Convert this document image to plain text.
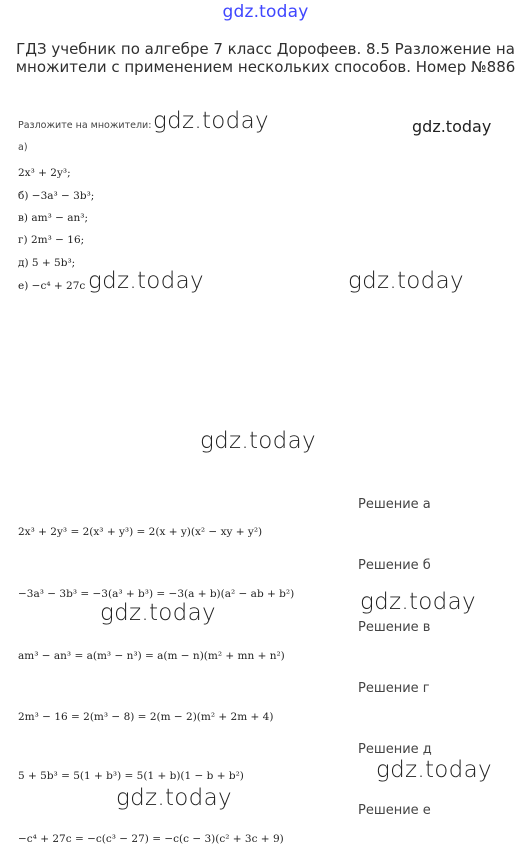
gdz.today
ГДЗ учебник по алгебре 7 класс Дорофеев. 8.5 Разложение на множители с применением нескольких способов. Номер №886
Разложите на множители:
а)
2x³ + 2y³;
б) −3a³ − 3b³;
в) am³ − an³;
г) 2m³ − 16;
д) 5 + 5b³;
е) −c⁴ + 27c
Решение а
2x³ + 2y³ = 2(x³ + y³) = 2(x + y)(x² − xy + y²)
Решение б
−3a³ − 3b³ = −3(a³ + b³) = −3(a + b)(a² − ab + b²)
Решение в
am³ − an³ = a(m³ − n³) = a(m − n)(m² + mn + n²)
Решение г
2m³ − 16 = 2(m³ − 8) = 2(m − 2)(m² + 2m + 4)
Решение д
5 + 5b³ = 5(1 + b³) = 5(1 + b)(1 − b + b²)
Решение е
−c⁴ + 27c = −c(c³ − 27) = −c(c − 3)(c² + 3c + 9)
gdz.today	gdz.today
gdz.today	gdz.today
gdz.today
gdz.today
gdz.today
gdz.today
gdz.today
